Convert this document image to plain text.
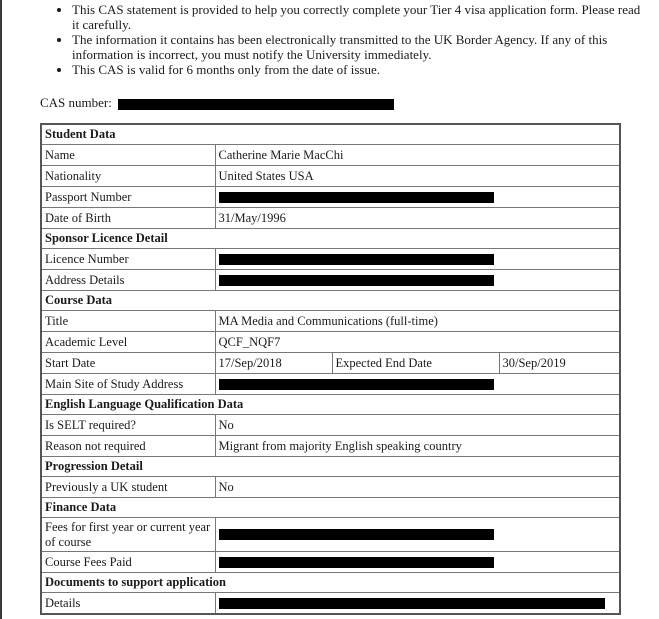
• This CAS statement is provided to help you correctly complete your Tier 4 visa application form. Please read it carefully.
• The information it contains has been electronically transmitted to the UK Border Agency. If any of this information is incorrect, you must notify the University immediately.
• This CAS is valid for 6 months only from the date of issue.
CAS number:
Student Data			
Name	Catherine Marie MacChi		
Nationality	United States USA		
Passport Number			

Date of Birth	31/May/1996		
Sponsor Licence Detail			
Licence Number			

Address Details			

Course Data			
Title	MA Media and Communications (full-time)		
Academic Level	QCF_NQF7		
Start Date	17/Sep/2018	Expected End Date	30/Sep/2019
Main Site of Study Address			

English Language Qualification Data			
Is SELT required?	No		
Reason not required	Migrant from majority English speaking country		
Progression Detail			
Previously a UK student	No		
Finance Data			
Fees for first year or current year of course			

Course Fees Paid			

Documents to support application			
Details			
